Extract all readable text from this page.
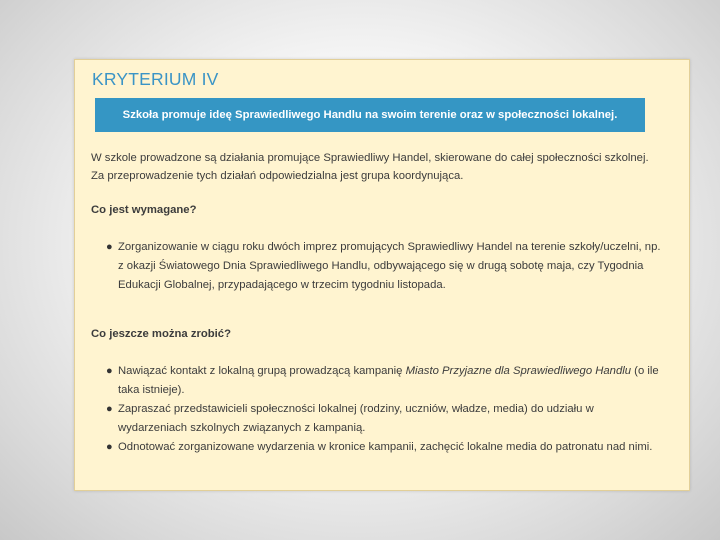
KRYTERIUM IV
Szkoła promuje ideę Sprawiedliwego Handlu na swoim terenie oraz w społeczności lokalnej.

W szkole prowadzone są działania promujące Sprawiedliwy Handel, skierowane do całej społeczności szkolnej. Za przeprowadzenie tych działań odpowiedzialna jest grupa koordynująca.

Co jest wymagane?
● Zorganizowanie w ciągu roku dwóch imprez promujących Sprawiedliwy Handel na terenie szkoły/uczelni, np. z okazji Światowego Dnia Sprawiedliwego Handlu, odbywającego się w drugą sobotę maja, czy Tygodnia Edukacji Globalnej, przypadającego w trzecim tygodniu listopada.
Co jeszcze można zrobić?
● Nawiązać kontakt z lokalną grupą prowadzącą kampanię Miasto Przyjazne dla Sprawiedliwego Handlu (o ile taka istnieje).
● Zapraszać przedstawicieli społeczności lokalnej (rodziny, uczniów, władze, media) do udziału w wydarzeniach szkolnych związanych z kampanią.
● Odnotować zorganizowane wydarzenia w kronice kampanii, zachęcić lokalne media do patronatu nad nimi.
